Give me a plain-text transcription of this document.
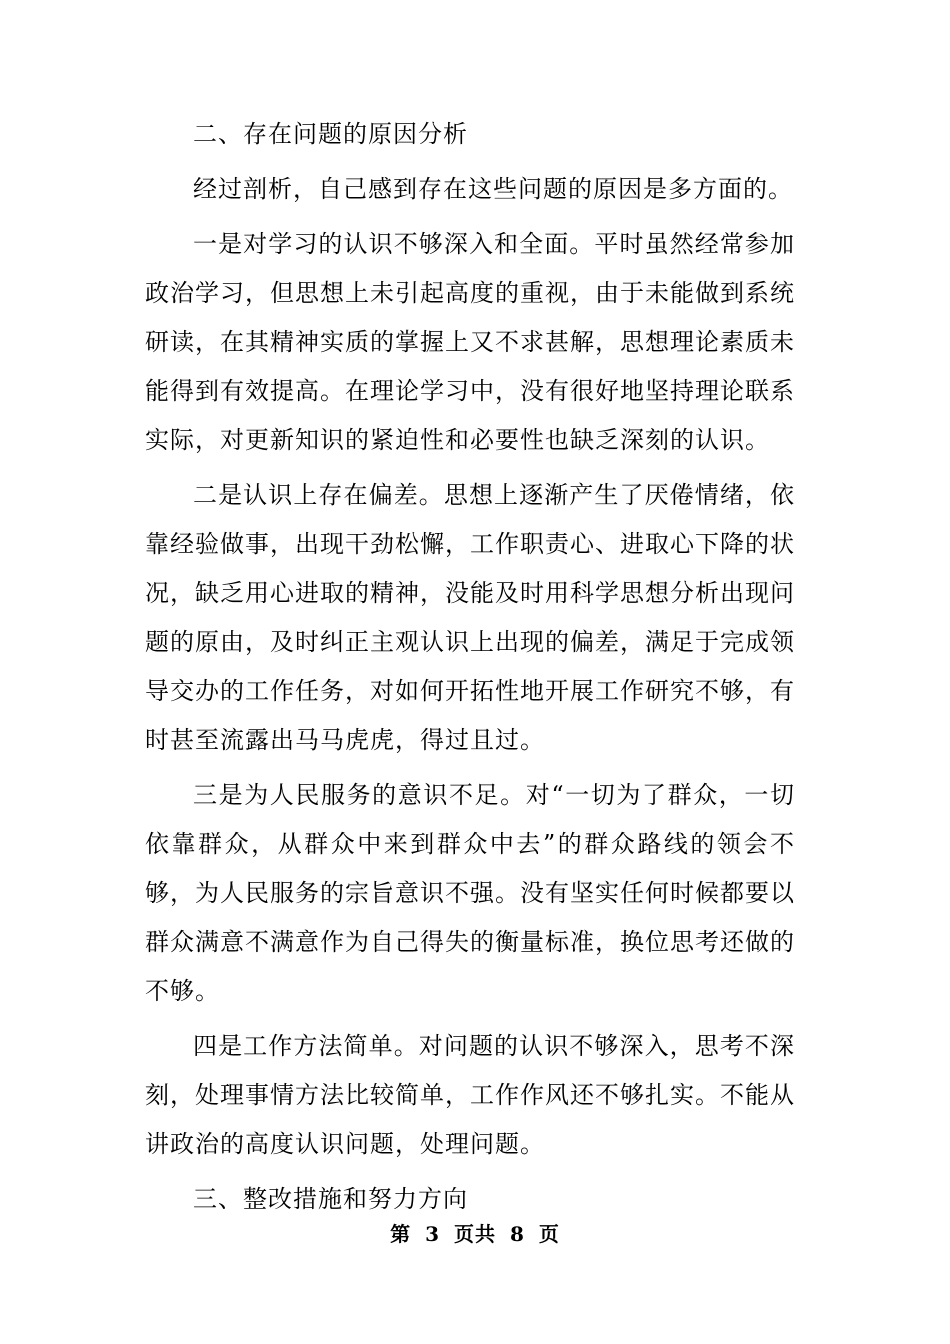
二、存在问题的原因分析

经过剖析，自己感到存在这些问题的原因是多方面的。

一是对学习的认识不够深入和全面。平时虽然经常参加政治学习，但思想上未引起高度的重视，由于未能做到系统研读，在其精神实质的掌握上又不求甚解，思想理论素质未能得到有效提高。在理论学习中，没有很好地坚持理论联系实际，对更新知识的紧迫性和必要性也缺乏深刻的认识。

二是认识上存在偏差。思想上逐渐产生了厌倦情绪，依靠经验做事，出现干劲松懈，工作职责心、进取心下降的状况，缺乏用心进取的精神，没能及时用科学思想分析出现问题的原由，及时纠正主观认识上出现的偏差，满足于完成领导交办的工作任务，对如何开拓性地开展工作研究不够，有时甚至流露出马马虎虎，得过且过。

三是为人民服务的意识不足。对“一切为了群众，一切依靠群众，从群众中来到群众中去”的群众路线的领会不够，为人民服务的宗旨意识不强。没有坚实任何时候都要以群众满意不满意作为自己得失的衡量标准，换位思考还做的不够。

四是工作方法简单。对问题的认识不够深入，思考不深刻，处理事情方法比较简单，工作作风还不够扎实。不能从讲政治的高度认识问题，处理问题。

三、整改措施和努力方向

第 3 页共 8 页
